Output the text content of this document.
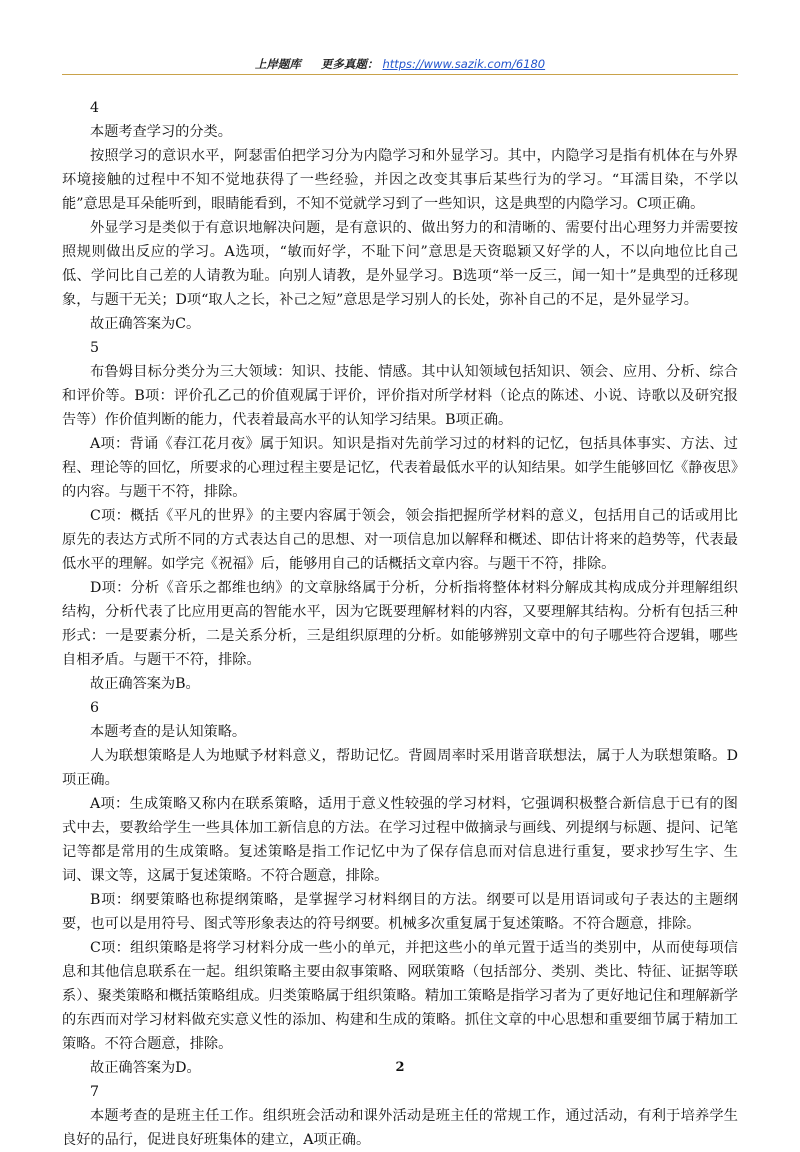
上岸题库 更多真题： https://www.sazik.com/6180

4

本题考查学习的分类。

按照学习的意识水平，阿瑟雷伯把学习分为内隐学习和外显学习。其中，内隐学习是指有机体在与外界环境接触的过程中不知不觉地获得了一些经验，并因之改变其事后某些行为的学习。“耳濡目染，不学以能”意思是耳朵能听到，眼睛能看到，不知不觉就学习到了一些知识，这是典型的内隐学习。C项正确。

外显学习是类似于有意识地解决问题，是有意识的、做出努力的和清晰的、需要付出心理努力并需要按照规则做出反应的学习。A选项，“敏而好学，不耻下问”意思是天资聪颖又好学的人，不以向地位比自己低、学问比自己差的人请教为耻。向别人请教，是外显学习。B选项“举一反三，闻一知十”是典型的迁移现象，与题干无关；D项“取人之长，补己之短”意思是学习别人的长处，弥补自己的不足，是外显学习。

故正确答案为C。

5

布鲁姆目标分类分为三大领域：知识、技能、情感。其中认知领域包括知识、领会、应用、分析、综合和评价等。B项：评价孔乙己的价值观属于评价，评价指对所学材料（论点的陈述、小说、诗歌以及研究报告等）作价值判断的能力，代表着最高水平的认知学习结果。B项正确。

A项：背诵《春江花月夜》属于知识。知识是指对先前学习过的材料的记忆，包括具体事实、方法、过程、理论等的回忆，所要求的心理过程主要是记忆，代表着最低水平的认知结果。如学生能够回忆《静夜思》的内容。与题干不符，排除。

C项：概括《平凡的世界》的主要内容属于领会，领会指把握所学材料的意义，包括用自己的话或用比原先的表达方式所不同的方式表达自己的思想、对一项信息加以解释和概述、即估计将来的趋势等，代表最低水平的理解。如学完《祝福》后，能够用自己的话概括文章内容。与题干不符，排除。

D项：分析《音乐之都维也纳》的文章脉络属于分析，分析指将整体材料分解成其构成成分并理解组织结构，分析代表了比应用更高的智能水平，因为它既要理解材料的内容，又要理解其结构。分析有包括三种形式：一是要素分析，二是关系分析，三是组织原理的分析。如能够辨别文章中的句子哪些符合逻辑，哪些自相矛盾。与题干不符，排除。

故正确答案为B。

6

本题考查的是认知策略。

人为联想策略是人为地赋予材料意义，帮助记忆。背圆周率时采用谐音联想法，属于人为联想策略。D项正确。

A项：生成策略又称内在联系策略，适用于意义性较强的学习材料，它强调积极整合新信息于已有的图式中去，要教给学生一些具体加工新信息的方法。在学习过程中做摘录与画线、列提纲与标题、提问、记笔记等都是常用的生成策略。复述策略是指工作记忆中为了保存信息而对信息进行重复，要求抄写生字、生词、课文等，这属于复述策略。不符合题意，排除。

B项：纲要策略也称提纲策略，是掌握学习材料纲目的方法。纲要可以是用语词或句子表达的主题纲要，也可以是用符号、图式等形象表达的符号纲要。机械多次重复属于复述策略。不符合题意，排除。

C项：组织策略是将学习材料分成一些小的单元，并把这些小的单元置于适当的类别中，从而使每项信息和其他信息联系在一起。组织策略主要由叙事策略、网联策略（包括部分、类别、类比、特征、证据等联系）、聚类策略和概括策略组成。归类策略属于组织策略。精加工策略是指学习者为了更好地记住和理解新学的东西而对学习材料做充实意义性的添加、构建和生成的策略。抓住文章的中心思想和重要细节属于精加工策略。不符合题意，排除。

故正确答案为D。

7

本题考查的是班主任工作。组织班会活动和课外活动是班主任的常规工作，通过活动，有利于培养学生良好的品行，促进良好班集体的建立，A项正确。

2
